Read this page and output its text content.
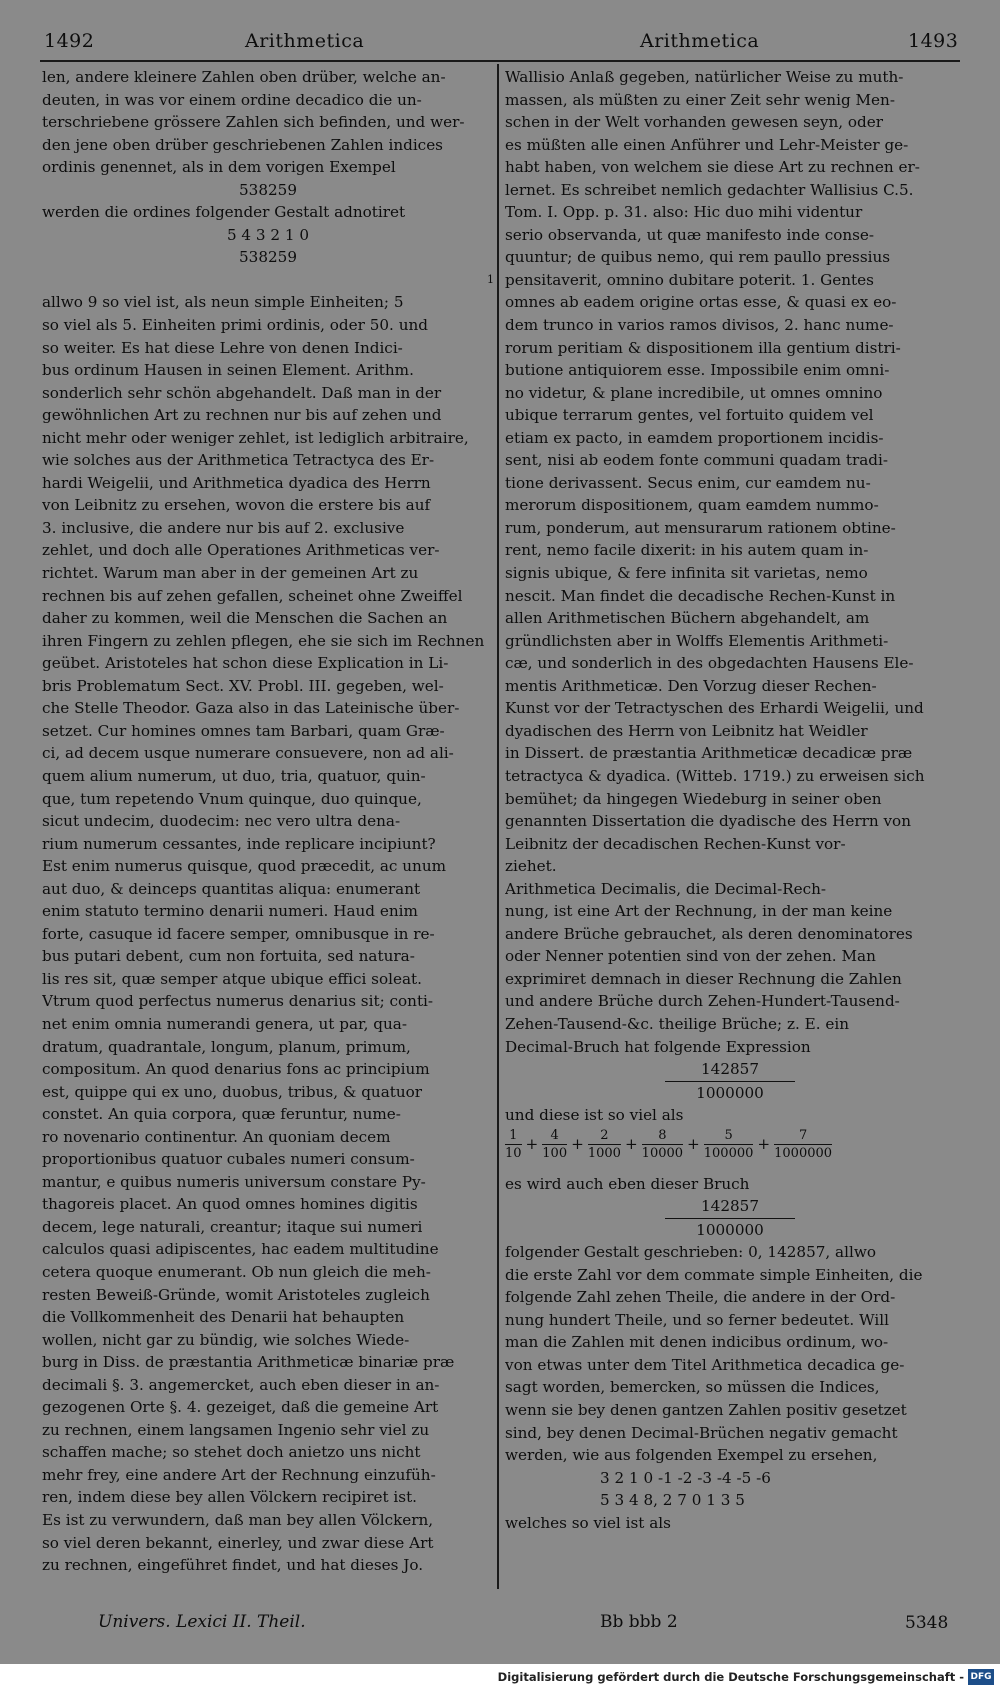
1492	Arithmetica	Arithmetica	1493
len, andere kleinere Zahlen oben drüber, welche an-
deuten, in was vor einem ordine decadico die un-
terschriebene grössere Zahlen sich befinden, und wer-
den jene oben drüber geschriebenen Zahlen indices
ordinis genennet, als in dem vorigen Exempel
538259
werden die ordines folgender Gestalt adnotiret
5 4 3 2 1 0
538259
1
allwo 9 so viel ist, als neun simple Einheiten; 5
so viel als 5. Einheiten primi ordinis, oder 50. und
so weiter. Es hat diese Lehre von denen Indici-
bus ordinum Hausen in seinen Element. Arithm.
sonderlich sehr schön abgehandelt. Daß man in der
gewöhnlichen Art zu rechnen nur bis auf zehen und
nicht mehr oder weniger zehlet, ist lediglich arbitraire,
wie solches aus der Arithmetica Tetractyca des Er-
hardi Weigelii, und Arithmetica dyadica des Herrn
von Leibnitz zu ersehen, wovon die erstere bis auf
3. inclusive, die andere nur bis auf 2. exclusive
zehlet, und doch alle Operationes Arithmeticas ver-
richtet. Warum man aber in der gemeinen Art zu
rechnen bis auf zehen gefallen, scheinet ohne Zweiffel
daher zu kommen, weil die Menschen die Sachen an
ihren Fingern zu zehlen pflegen, ehe sie sich im Rechnen
geübet. Aristoteles hat schon diese Explication in Li-
bris Problematum Sect. XV. Probl. III. gegeben, wel-
che Stelle Theodor. Gaza also in das Lateinische über-
setzet. Cur homines omnes tam Barbari, quam Græ-
ci, ad decem usque numerare consuevere, non ad ali-
quem alium numerum, ut duo, tria, quatuor, quin-
que, tum repetendo Vnum quinque, duo quinque,
sicut undecim, duodecim: nec vero ultra dena-
rium numerum cessantes, inde replicare incipiunt?
Est enim numerus quisque, quod præcedit, ac unum
aut duo, & deinceps quantitas aliqua: enumerant
enim statuto termino denarii numeri. Haud enim
forte, casuque id facere semper, omnibusque in re-
bus putari debent, cum non fortuita, sed natura-
lis res sit, quæ semper atque ubique effici soleat.
Vtrum quod perfectus numerus denarius sit; conti-
net enim omnia numerandi genera, ut par, qua-
dratum, quadrantale, longum, planum, primum,
compositum. An quod denarius fons ac principium
est, quippe qui ex uno, duobus, tribus, & quatuor
constet. An quia corpora, quæ feruntur, nume-
ro novenario continentur. An quoniam decem
proportionibus quatuor cubales numeri consum-
mantur, e quibus numeris universum constare Py-
thagoreis placet. An quod omnes homines digitis
decem, lege naturali, creantur; itaque sui numeri
calculos quasi adipiscentes, hac eadem multitudine
cetera quoque enumerant. Ob nun gleich die meh-
resten Beweiß-Gründe, womit Aristoteles zugleich
die Vollkommenheit des Denarii hat behaupten
wollen, nicht gar zu bündig, wie solches Wiede-
burg in Diss. de præstantia Arithmeticæ binariæ præ
decimali §. 3. angemercket, auch eben dieser in an-
gezogenen Orte §. 4. gezeiget, daß die gemeine Art
zu rechnen, einem langsamen Ingenio sehr viel zu
schaffen mache; so stehet doch anietzo uns nicht
mehr frey, eine andere Art der Rechnung einzufüh-
ren, indem diese bey allen Völckern recipiret ist.
Es ist zu verwundern, daß man bey allen Völckern,
so viel deren bekannt, einerley, und zwar diese Art
zu rechnen, eingeführet findet, und hat dieses Jo.
Wallisio Anlaß gegeben, natürlicher Weise zu muth-
massen, als müßten zu einer Zeit sehr wenig Men-
schen in der Welt vorhanden gewesen seyn, oder
es müßten alle einen Anführer und Lehr-Meister ge-
habt haben, von welchem sie diese Art zu rechnen er-
lernet. Es schreibet nemlich gedachter Wallisius C.5.
Tom. I. Opp. p. 31. also: Hic duo mihi videntur
serio observanda, ut quæ manifesto inde conse-
quuntur; de quibus nemo, qui rem paullo pressius
pensitaverit, omnino dubitare poterit. 1. Gentes
omnes ab eadem origine ortas esse, & quasi ex eo-
dem trunco in varios ramos divisos, 2. hanc nume-
rorum peritiam & dispositionem illa gentium distri-
butione antiquiorem esse. Impossibile enim omni-
no videtur, & plane incredibile, ut omnes omnino
ubique terrarum gentes, vel fortuito quidem vel
etiam ex pacto, in eamdem proportionem incidis-
sent, nisi ab eodem fonte communi quadam tradi-
tione derivassent. Secus enim, cur eamdem nu-
merorum dispositionem, quam eamdem nummo-
rum, ponderum, aut mensurarum rationem obtine-
rent, nemo facile dixerit: in his autem quam in-
signis ubique, & fere infinita sit varietas, nemo
nescit. Man findet die decadische Rechen-Kunst in
allen Arithmetischen Büchern abgehandelt, am
gründlichsten aber in Wolffs Elementis Arithmeti-
cæ, und sonderlich in des obgedachten Hausens Ele-
mentis Arithmeticæ. Den Vorzug dieser Rechen-
Kunst vor der Tetractyschen des Erhardi Weigelii, und
dyadischen des Herrn von Leibnitz hat Weidler
in Dissert. de præstantia Arithmeticæ decadicæ præ
tetractyca & dyadica. (Witteb. 1719.) zu erweisen sich
bemühet; da hingegen Wiedeburg in seiner oben
genannten Dissertation die dyadische des Herrn von
Leibnitz der decadischen Rechen-Kunst vor-
ziehet.
Arithmetica Decimalis, die Decimal-Rech-
nung, ist eine Art der Rechnung, in der man keine
andere Brüche gebrauchet, als deren denominatores
oder Nenner potentien sind von der zehen. Man
exprimiret demnach in dieser Rechnung die Zahlen
und andere Brüche durch Zehen-Hundert-Tausend-
Zehen-Tausend-&c. theilige Brüche; z. E. ein
Decimal-Bruch hat folgende Expression
$\frac{142857}{1000000}$
und diese ist so viel als
$\frac{1}{10} + \frac{4}{100} + \frac{2}{1000} + \frac{8}{10000} + \frac{5}{100000} + \frac{7}{1000000}$
es wird auch eben dieser Bruch
$\frac{142857}{1000000}$
folgender Gestalt geschrieben: 0, 142857, allwo
die erste Zahl vor dem commate simple Einheiten, die
folgende Zahl zehen Theile, die andere in der Ord-
nung hundert Theile, und so ferner bedeutet. Will
man die Zahlen mit denen indicibus ordinum, wo-
von etwas unter dem Titel Arithmetica decadica ge-
sagt worden, bemercken, so müssen die Indices,
wenn sie bey denen gantzen Zahlen positiv gesetzet
sind, bey denen Decimal-Brüchen negativ gemacht
werden, wie aus folgenden Exempel zu ersehen,
3 2 1 0 -1 -2 -3 -4 -5 -6
5 3 4 8, 2 7 0 1 3 5
welches so viel ist als
Univers. Lexici II. Theil.	Bb bbb 2	5348
Digitalisierung gefördert durch die Deutsche Forschungsgemeinschaft - DFG
